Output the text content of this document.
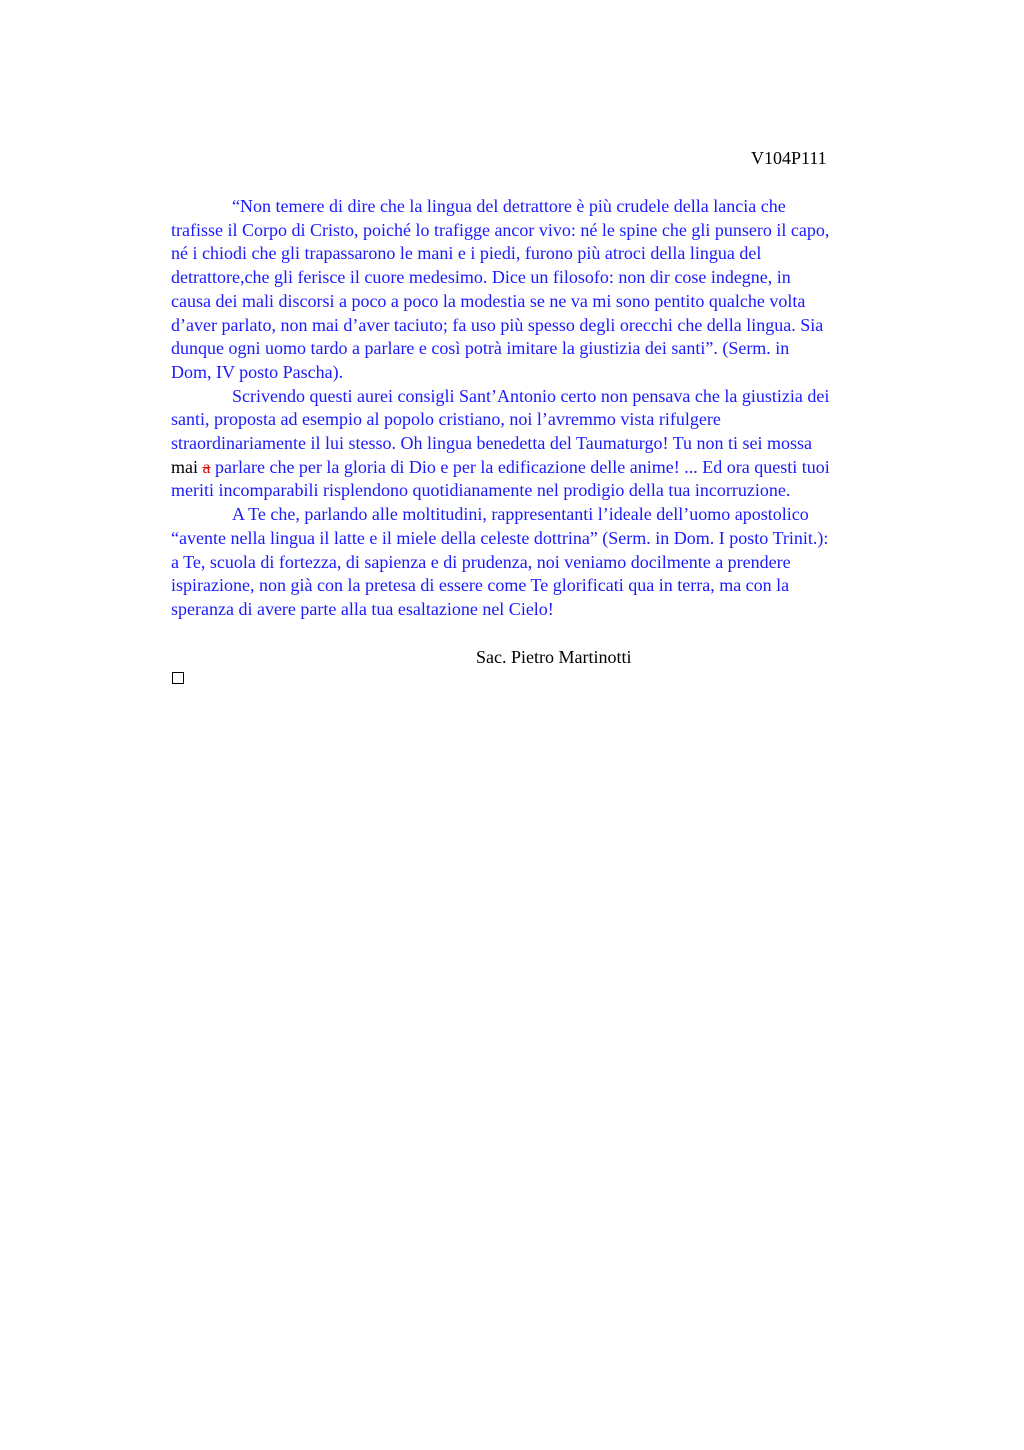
V104P111
“Non temere di dire che la lingua del detrattore è più crudele della lancia che
trafisse il Corpo di Cristo, poiché lo trafigge ancor vivo: né le spine che gli punsero il capo,
né i chiodi che gli trapassarono le mani e i piedi, furono più atroci della lingua del
detrattore,che gli ferisce il cuore medesimo. Dice un filosofo: non dir cose indegne, in
causa dei mali discorsi a poco a poco la modestia se ne va mi sono pentito qualche volta
d’aver parlato, non mai d’aver taciuto; fa uso più spesso degli orecchi che della lingua. Sia
dunque ogni uomo tardo a parlare e così potrà imitare la giustizia dei santi”. (Serm. in
Dom, IV posto Pascha).
Scrivendo questi aurei consigli Sant’Antonio certo non pensava che la giustizia dei
santi, proposta ad esempio al popolo cristiano, noi l’avremmo vista rifulgere
straordinariamente il lui stesso. Oh lingua benedetta del Taumaturgo! Tu non ti sei mossa
mai a parlare che per la gloria di Dio e per la edificazione delle anime! ... Ed ora questi tuoi
meriti incomparabili risplendono quotidianamente nel prodigio della tua incorruzione.
A Te che, parlando alle moltitudini, rappresentanti l’ideale dell’uomo apostolico
“avente nella lingua il latte e il miele della celeste dottrina” (Serm. in Dom. I posto Trinit.):
a Te, scuola di fortezza, di sapienza e di prudenza, noi veniamo docilmente a prendere
ispirazione, non già con la pretesa di essere come Te glorificati qua in terra, ma con la
speranza di avere parte alla tua esaltazione nel Cielo!
Sac. Pietro Martinotti
